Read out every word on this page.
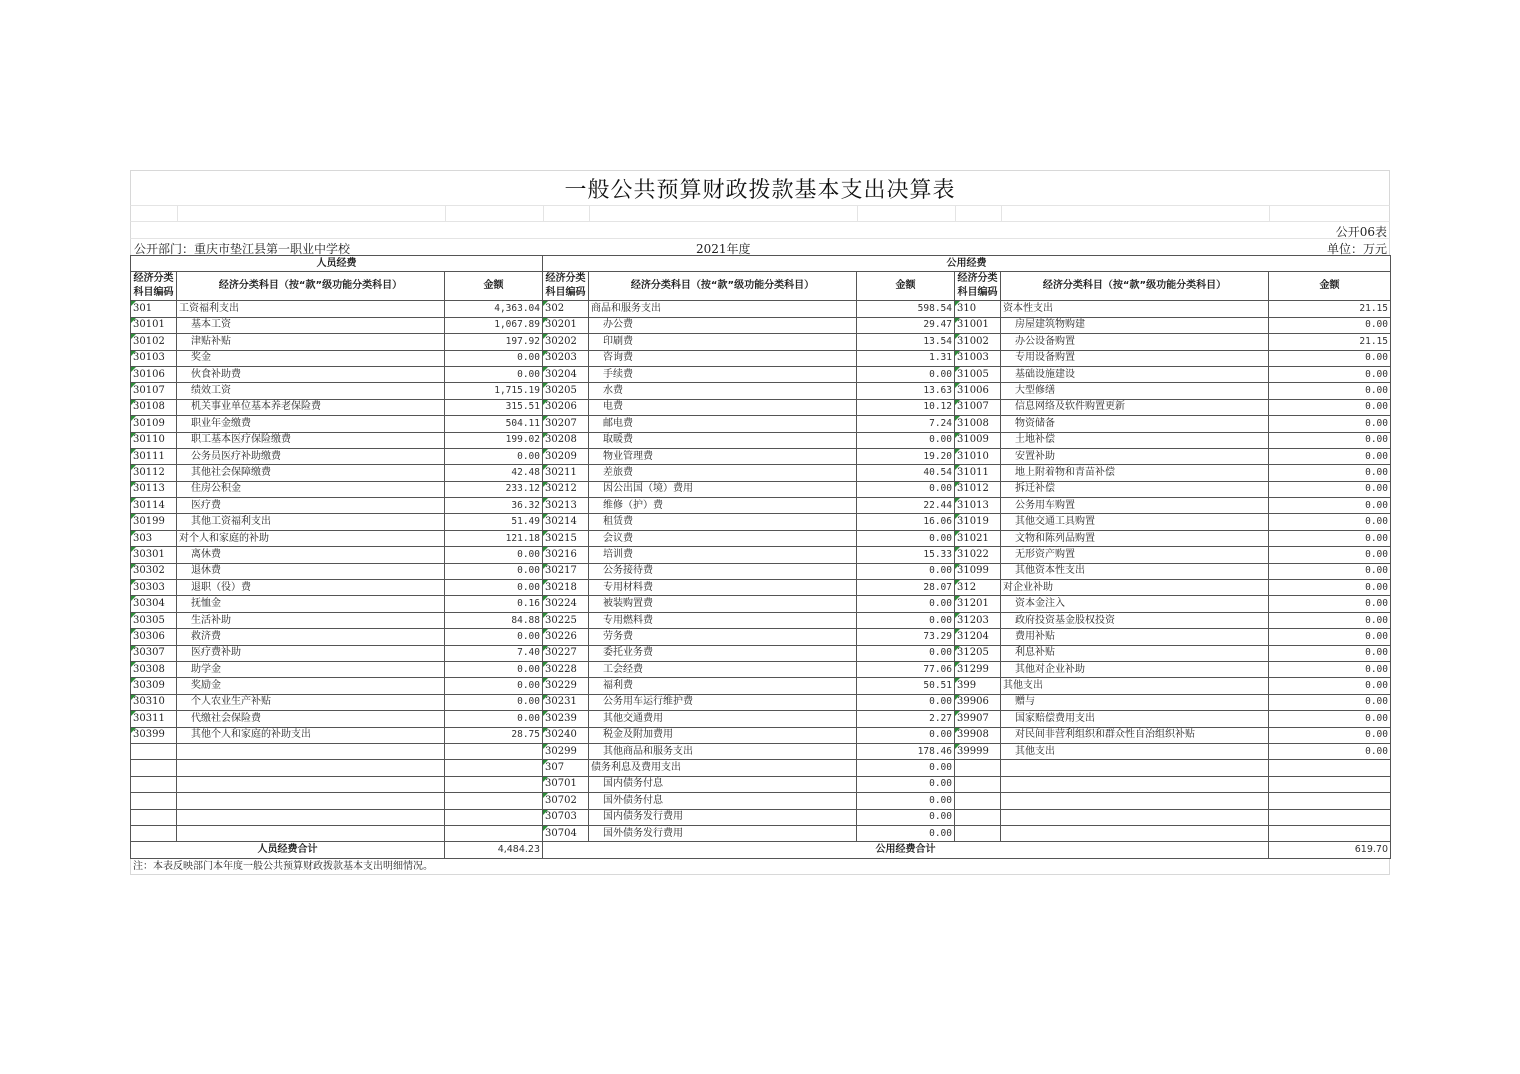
一般公共预算财政拨款基本支出决算表
公开06表
公开部门：重庆市垫江县第一职业中学校	2021年度	单位：万元
人员经费			公用经费					
经济分类科目编码	经济分类科目（按“款”级功能分类科目）	金额	经济分类科目编码	经济分类科目（按“款”级功能分类科目）	金额	经济分类科目编码	经济分类科目（按“款”级功能分类科目）	金额
301	工资福利支出	4,363.04	302	商品和服务支出	598.54	310	资本性支出	21.15
30101	基本工资	1,067.89	30201	办公费	29.47	31001	房屋建筑物购建	0.00
30102	津贴补贴	197.92	30202	印刷费	13.54	31002	办公设备购置	21.15
30103	奖金	0.00	30203	咨询费	1.31	31003	专用设备购置	0.00
30106	伙食补助费	0.00	30204	手续费	0.00	31005	基础设施建设	0.00
30107	绩效工资	1,715.19	30205	水费	13.63	31006	大型修缮	0.00
30108	机关事业单位基本养老保险费	315.51	30206	电费	10.12	31007	信息网络及软件购置更新	0.00
30109	职业年金缴费	504.11	30207	邮电费	7.24	31008	物资储备	0.00
30110	职工基本医疗保险缴费	199.02	30208	取暖费	0.00	31009	土地补偿	0.00
30111	公务员医疗补助缴费	0.00	30209	物业管理费	19.20	31010	安置补助	0.00
30112	其他社会保障缴费	42.48	30211	差旅费	40.54	31011	地上附着物和青苗补偿	0.00
30113	住房公积金	233.12	30212	因公出国（境）费用	0.00	31012	拆迁补偿	0.00
30114	医疗费	36.32	30213	维修（护）费	22.44	31013	公务用车购置	0.00
30199	其他工资福利支出	51.49	30214	租赁费	16.06	31019	其他交通工具购置	0.00
303	对个人和家庭的补助	121.18	30215	会议费	0.00	31021	文物和陈列品购置	0.00
30301	离休费	0.00	30216	培训费	15.33	31022	无形资产购置	0.00
30302	退休费	0.00	30217	公务接待费	0.00	31099	其他资本性支出	0.00
30303	退职（役）费	0.00	30218	专用材料费	28.07	312	对企业补助	0.00
30304	抚恤金	0.16	30224	被装购置费	0.00	31201	资本金注入	0.00
30305	生活补助	84.88	30225	专用燃料费	0.00	31203	政府投资基金股权投资	0.00
30306	救济费	0.00	30226	劳务费	73.29	31204	费用补贴	0.00
30307	医疗费补助	7.40	30227	委托业务费	0.00	31205	利息补贴	0.00
30308	助学金	0.00	30228	工会经费	77.06	31299	其他对企业补助	0.00
30309	奖励金	0.00	30229	福利费	50.51	399	其他支出	0.00
30310	个人农业生产补贴	0.00	30231	公务用车运行维护费	0.00	39906	赠与	0.00
30311	代缴社会保险费	0.00	30239	其他交通费用	2.27	39907	国家赔偿费用支出	0.00
30399	其他个人和家庭的补助支出	28.75	30240	税金及附加费用	0.00	39908	对民间非营利组织和群众性自治组织补贴	0.00
			30299	其他商品和服务支出	178.46	39999	其他支出	0.00
			307	债务利息及费用支出	0.00			
			30701	国内债务付息	0.00			
			30702	国外债务付息	0.00			
			30703	国内债务发行费用	0.00			
			30704	国外债务发行费用	0.00			
人员经费合计		4,484.23	公用经费合计					619.70
注：本表反映部门本年度一般公共预算财政拨款基本支出明细情况。
